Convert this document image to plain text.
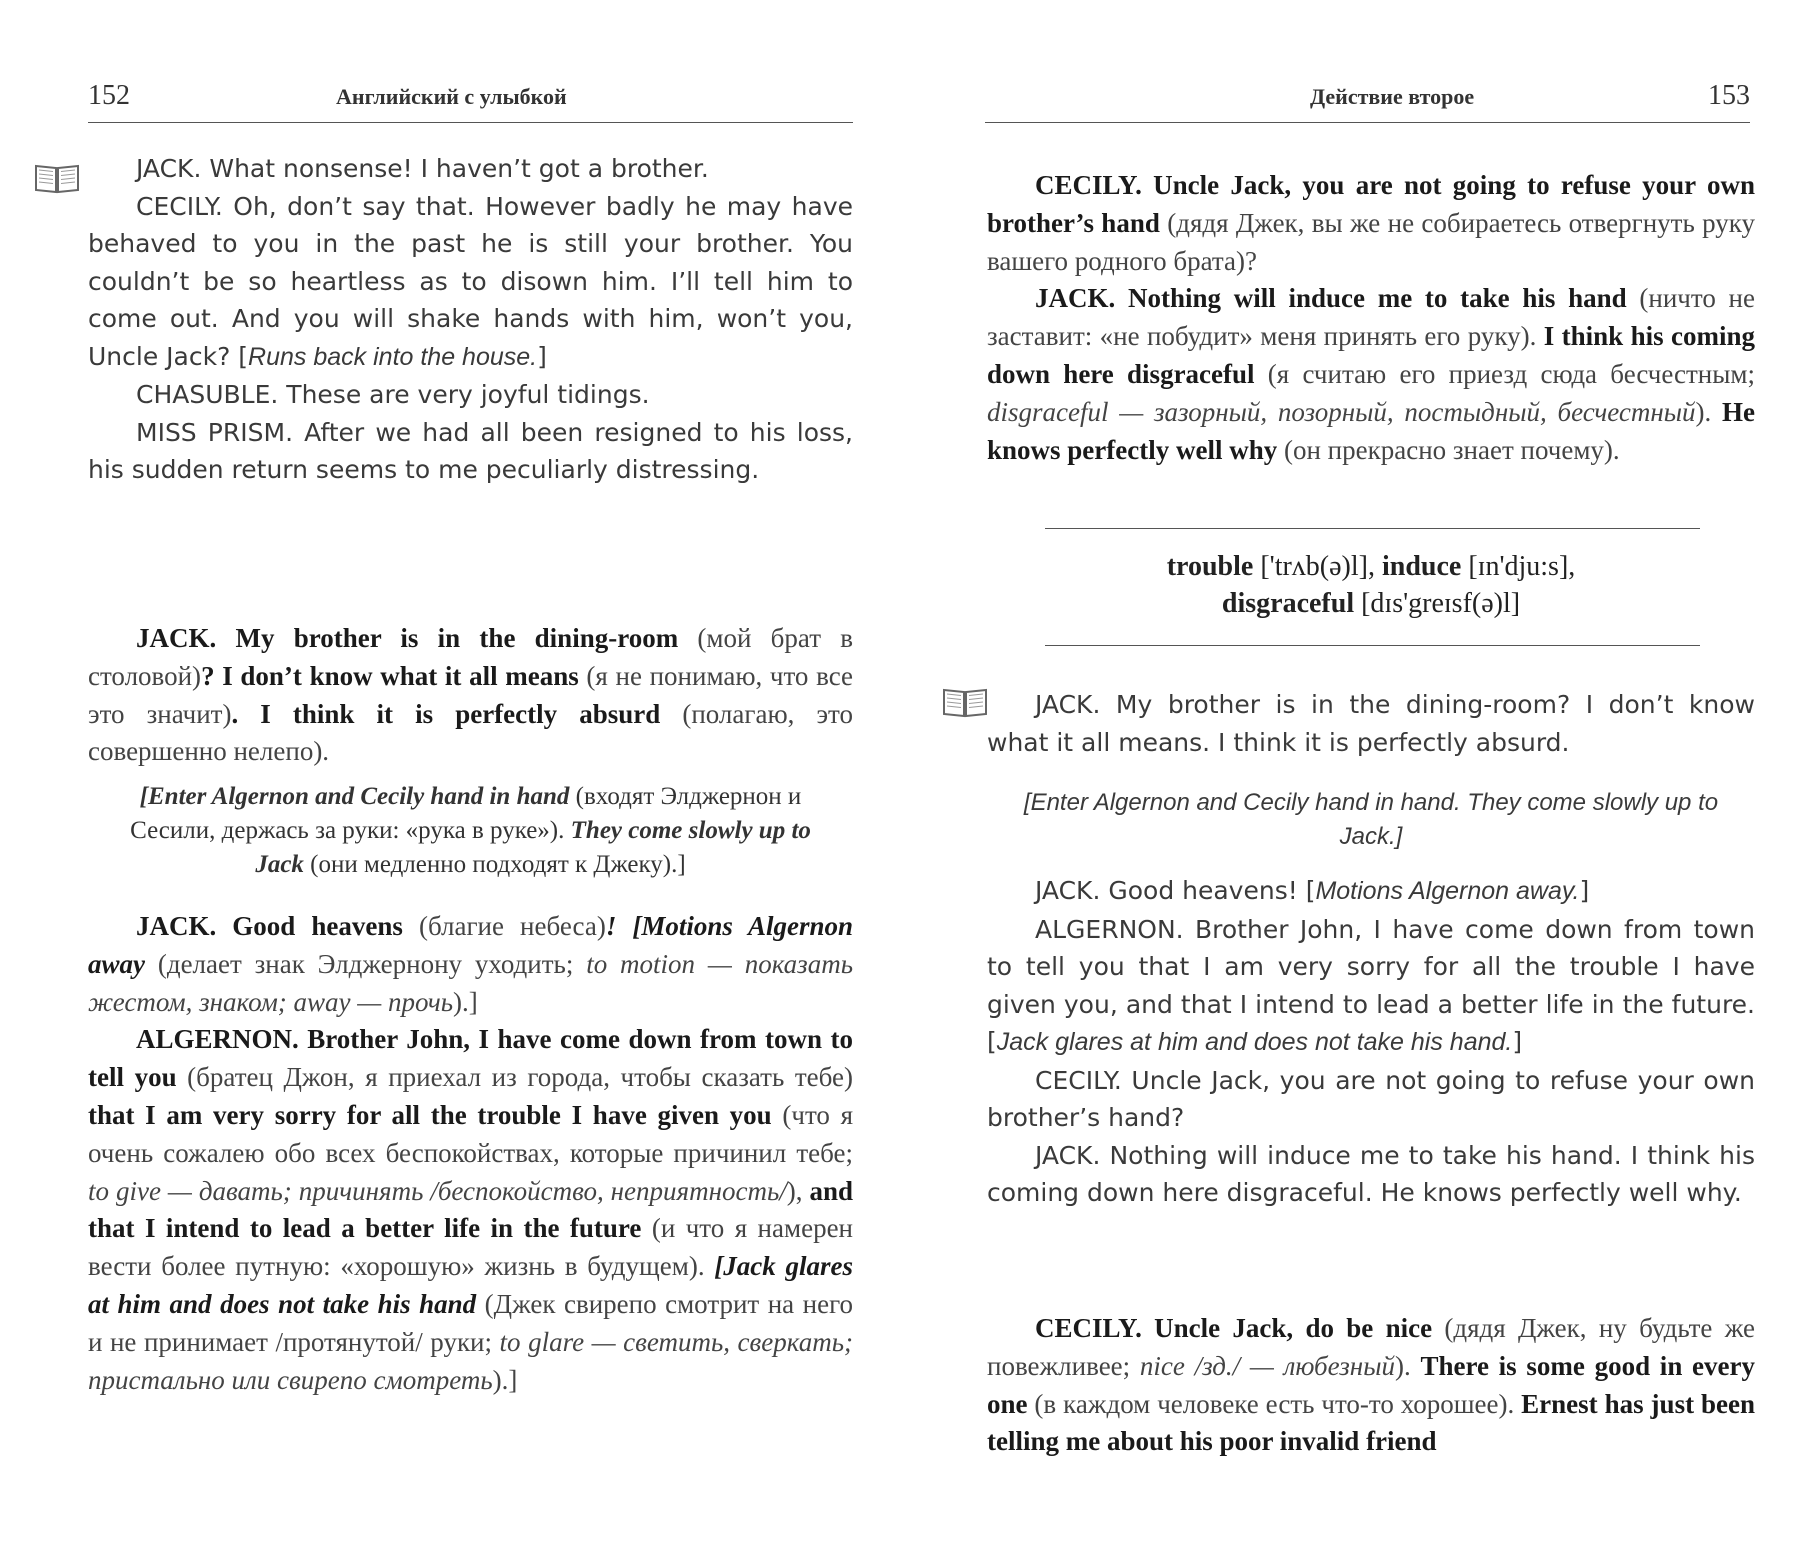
152	Английский с улыбкой

JACK. What nonsense! I haven’t got a brother.

CECILY. Oh, don’t say that. However badly he may have behaved to you in the past he is still your brother. You couldn’t be so heartless as to disown him. I’ll tell him to come out. And you will shake hands with him, won’t you, Uncle Jack? [Runs back into the house.]

CHASUBLE. These are very joyful tidings.

MISS PRISM. After we had all been resigned to his loss, his sudden return seems to me peculiarly distressing.

JACK. My brother is in the dining-room (мой брат в столовой)? I don’t know what it all means (я не понимаю, что все это значит). I think it is perfectly absurd (полагаю, это совершенно нелепо).

[Enter Algernon and Cecily hand in hand (входят Элджернон и Сесили, держась за руки: «рука в руке»). They come slowly up to Jack (они медленно подходят к Джеку).]

JACK. Good heavens (благие небеса)! [Motions Algernon away (делает знак Элджернону уходить; to motion — показать жестом, знаком; away — прочь).]

ALGERNON. Brother John, I have come down from town to tell you (братец Джон, я приехал из города, чтобы сказать тебе) that I am very sorry for all the trouble I have given you (что я очень сожалею обо всех беспокойствах, которые причинил тебе; to give — давать; причинять /беспокойство, неприятность/), and that I intend to lead a better life in the future (и что я намерен вести более путную: «хорошую» жизнь в будущем). [Jack glares at him and does not take his hand (Джек свирепо смотрит на него и не принимает /протянутой/ руки; to glare — светить, сверкать; пристально или свирепо смотреть).]

Действие второе	153

CECILY. Uncle Jack, you are not going to refuse your own brother’s hand (дядя Джек, вы же не собираетесь отвергнуть руку вашего родного брата)?

JACK. Nothing will induce me to take his hand (ничто не заставит: «не побудит» меня принять его руку). I think his coming down here disgraceful (я считаю его приезд сюда бесчестным; disgraceful — зазорный, позорный, постыдный, бесчестный). He knows perfectly well why (он прекрасно знает почему).

trouble ['trʌb(ə)l], induce [ɪn'dju:s],
disgraceful [dɪs'greɪsf(ə)l]

JACK. My brother is in the dining-room? I don’t know what it all means. I think it is perfectly absurd.

[Enter Algernon and Cecily hand in hand. They come slowly up to Jack.]

JACK. Good heavens! [Motions Algernon away.]

ALGERNON. Brother John, I have come down from town to tell you that I am very sorry for all the trouble I have given you, and that I intend to lead a better life in the future. [Jack glares at him and does not take his hand.]

CECILY. Uncle Jack, you are not going to refuse your own brother’s hand?

JACK. Nothing will induce me to take his hand. I think his coming down here disgraceful. He knows perfectly well why.

CECILY. Uncle Jack, do be nice (дядя Джек, ну будьте же повежливее; nice /зд./ — любезный). There is some good in every one (в каждом человеке есть что-то хорошее). Ernest has just been telling me about his poor invalid friend
